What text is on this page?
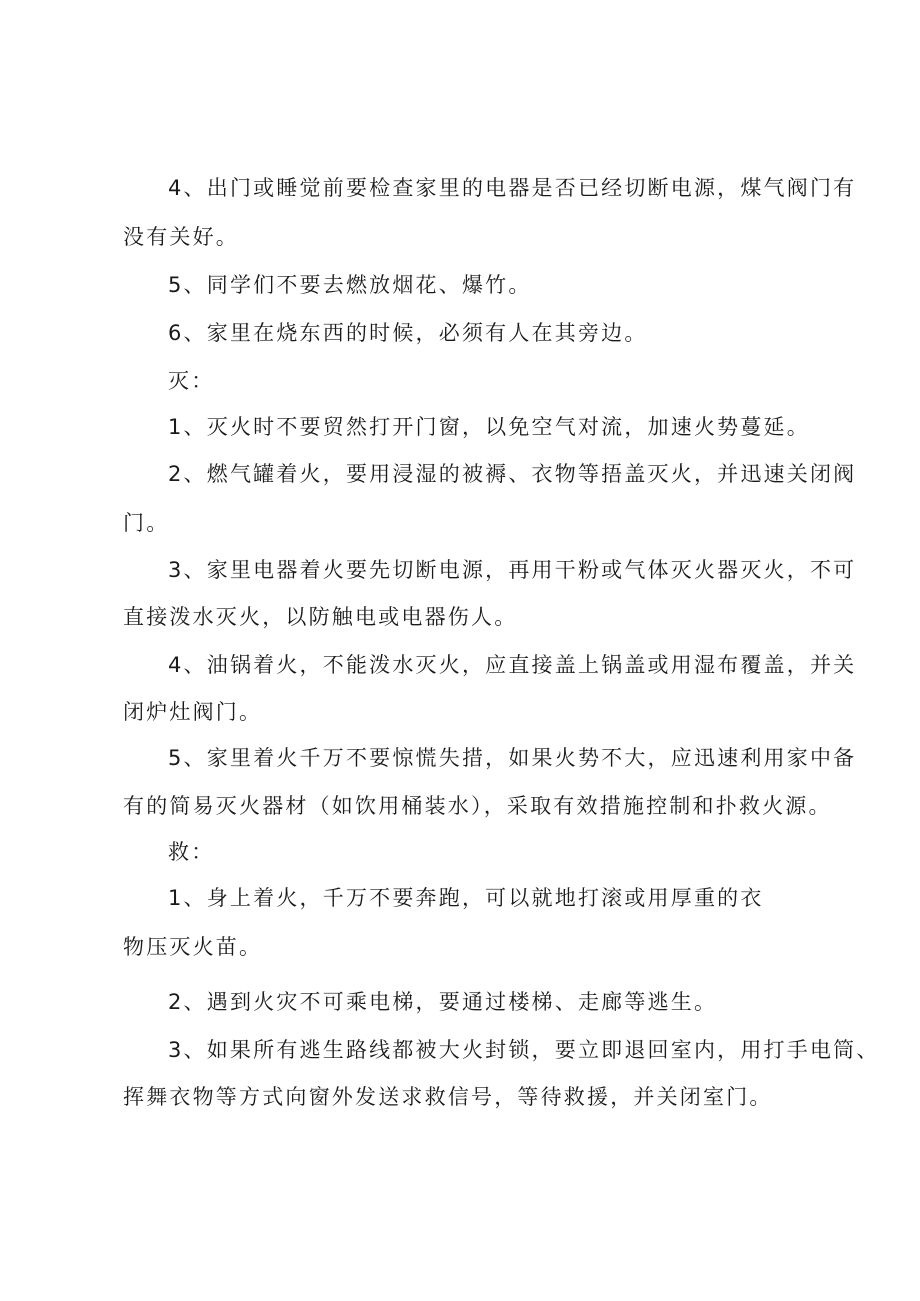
4、出门或睡觉前要检查家里的电器是否已经切断电源，煤气阀门有

没有关好。

5、同学们不要去燃放烟花、爆竹。

6、家里在烧东西的时候，必须有人在其旁边。

灭：

1、灭火时不要贸然打开门窗，以免空气对流，加速火势蔓延。

2、燃气罐着火，要用浸湿的被褥、衣物等捂盖灭火，并迅速关闭阀

门。

3、家里电器着火要先切断电源，再用干粉或气体灭火器灭火，不可

直接泼水灭火，以防触电或电器伤人。

4、油锅着火，不能泼水灭火，应直接盖上锅盖或用湿布覆盖，并关

闭炉灶阀门。

5、家里着火千万不要惊慌失措，如果火势不大，应迅速利用家中备

有的简易灭火器材（如饮用桶装水），采取有效措施控制和扑救火源。

救：

1、身上着火，千万不要奔跑，可以就地打滚或用厚重的衣

物压灭火苗。

2、遇到火灾不可乘电梯，要通过楼梯、走廊等逃生。

3、如果所有逃生路线都被大火封锁，要立即退回室内，用打手电筒、

挥舞衣物等方式向窗外发送求救信号，等待救援，并关闭室门。
